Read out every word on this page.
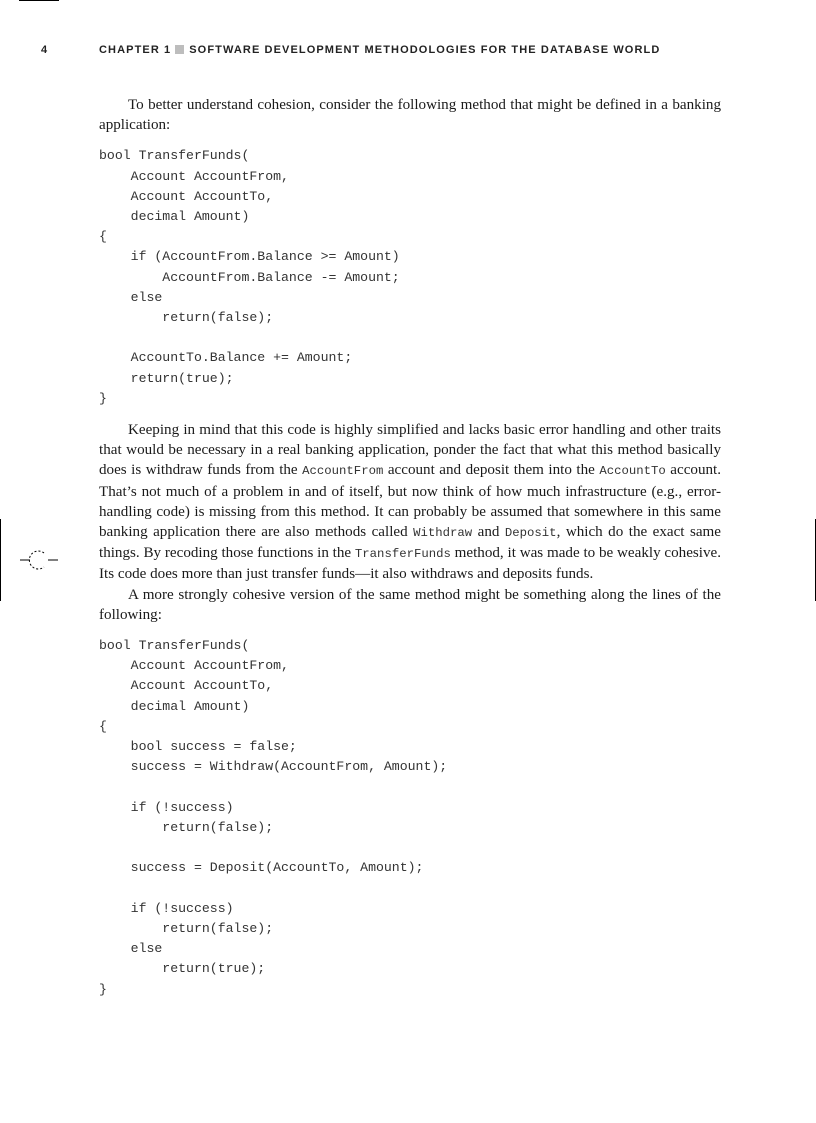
4	CHAPTER 1 SOFTWARE DEVELOPMENT METHODOLOGIES FOR THE DATABASE WORLD

To better understand cohesion, consider the following method that might be defined in a banking application:

bool TransferFunds(
Account AccountFrom,
Account AccountTo,
decimal Amount)
{
if (AccountFrom.Balance >= Amount)
AccountFrom.Balance -= Amount;
else
return(false);

AccountTo.Balance += Amount;
return(true);
}

Keeping in mind that this code is highly simplified and lacks basic error handling and other traits that would be necessary in a real banking application, ponder the fact that what this method basically does is withdraw funds from the AccountFrom account and deposit them into the AccountTo account. That’s not much of a problem in and of itself, but now think of how much infrastructure (e.g., error-handling code) is missing from this method. It can probably be assumed that somewhere in this same banking application there are also methods called Withdraw and Deposit, which do the exact same things. By recoding those functions in the TransferFunds method, it was made to be weakly cohesive. Its code does more than just transfer funds—it also withdraws and deposits funds.

A more strongly cohesive version of the same method might be something along the lines of the following:

bool TransferFunds(
Account AccountFrom,
Account AccountTo,
decimal Amount)
{
bool success = false;
success = Withdraw(AccountFrom, Amount);

if (!success)
return(false);

success = Deposit(AccountTo, Amount);

if (!success)
return(false);
else
return(true);
}
